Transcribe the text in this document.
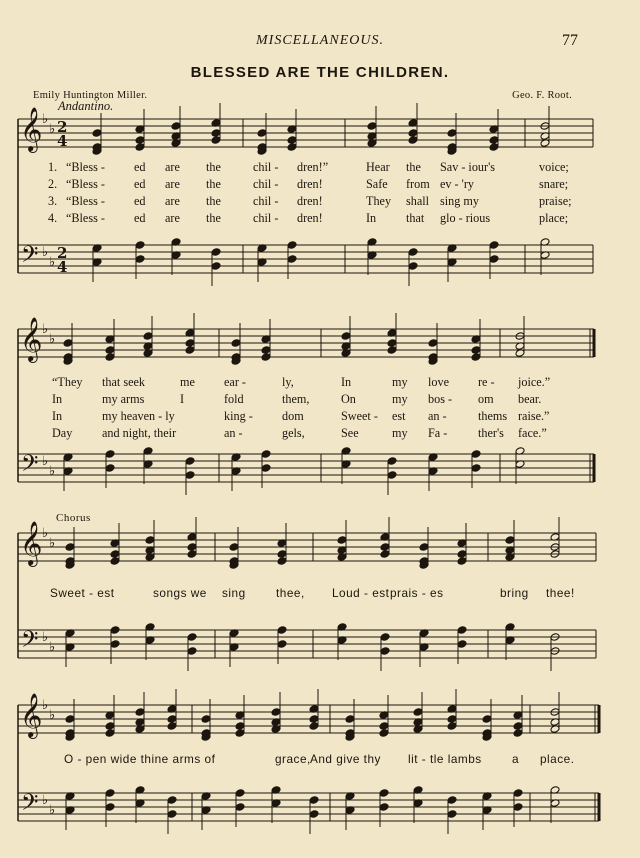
MISCELLANEOUS.	77
BLESSED ARE THE CHILDREN.
Emily Huntington Miller.	Geo. F. Root.
Andantino.
Chorus
𝄞
𝄢
♭
♭
♭
♭
2
4
2
4
𝄞
𝄢
♭
♭
♭
♭
𝄞
𝄢
♭
♭
♭
♭
𝄞
𝄢
♭
♭
♭
♭
1.
2.
3.
4.
“Bless - ed are the	chil - dren!”	Hear the Sav - iour's	voice;
“Bless - ed are the	chil - dren!	Safe from ev - 'ry	snare;
“Bless - ed are the	chil - dren!	They shall sing my	praise;
“Bless - ed are the	chil - dren!	In that glo - rious	place;
“They that seek	me ear -	ly,	In	my love re - joice.”
In	my arms	I	fold	them,	On	my bos - om bear.
In	my heaven - ly	king - dom	Sweet - est an -	thems raise.”
Day and night, their	an -	gels,	See	my Fa -	ther's face.”
Sweet - est	songs we sing	thee, Loud - est prais - es	bring thee!
O - pen wide thine arms of	grace, And give thy lit - tle lambs	a place.
